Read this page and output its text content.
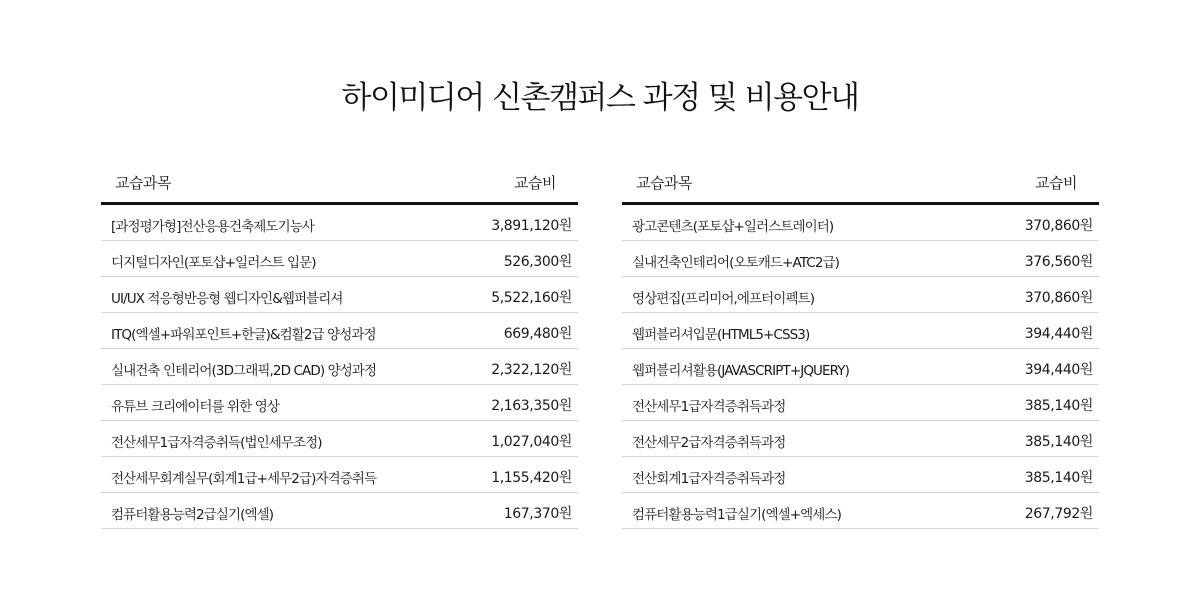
하이미디어 신촌캠퍼스 과정 및 비용안내
교습과목	교습비
[과정평가형]전산응용건축제도기능사	3,891,120원
디지털디자인(포토샵+일러스트 입문)	526,300원
UI/UX 적응형반응형 웹디자인&웹퍼블리셔	5,522,160원
ITQ(엑셀+파워포인트+한글)&컴활2급 양성과정	669,480원
실내건축 인테리어(3D그래픽,2D CAD) 양성과정	2,322,120원
유튜브 크리에이터를 위한 영상	2,163,350원
전산세무1급자격증취득(법인세무조정)	1,027,040원
전산세무회계실무(회계1급+세무2급)자격증취득	1,155,420원
컴퓨터활용능력2급실기(엑셀)	167,370원
교습과목	교습비
광고콘텐츠(포토샵+일러스트레이터)	370,860원
실내건축인테리어(오토캐드+ATC2급)	376,560원
영상편집(프리미어,에프터이펙트)	370,860원
웹퍼블리셔입문(HTML5+CSS3)	394,440원
웹퍼블리셔활용(JAVASCRIPT+JQUERY)	394,440원
전산세무1급자격증취득과정	385,140원
전산세무2급자격증취득과정	385,140원
전산회계1급자격증취득과정	385,140원
컴퓨터활용능력1급실기(엑셀+엑세스)	267,792원
